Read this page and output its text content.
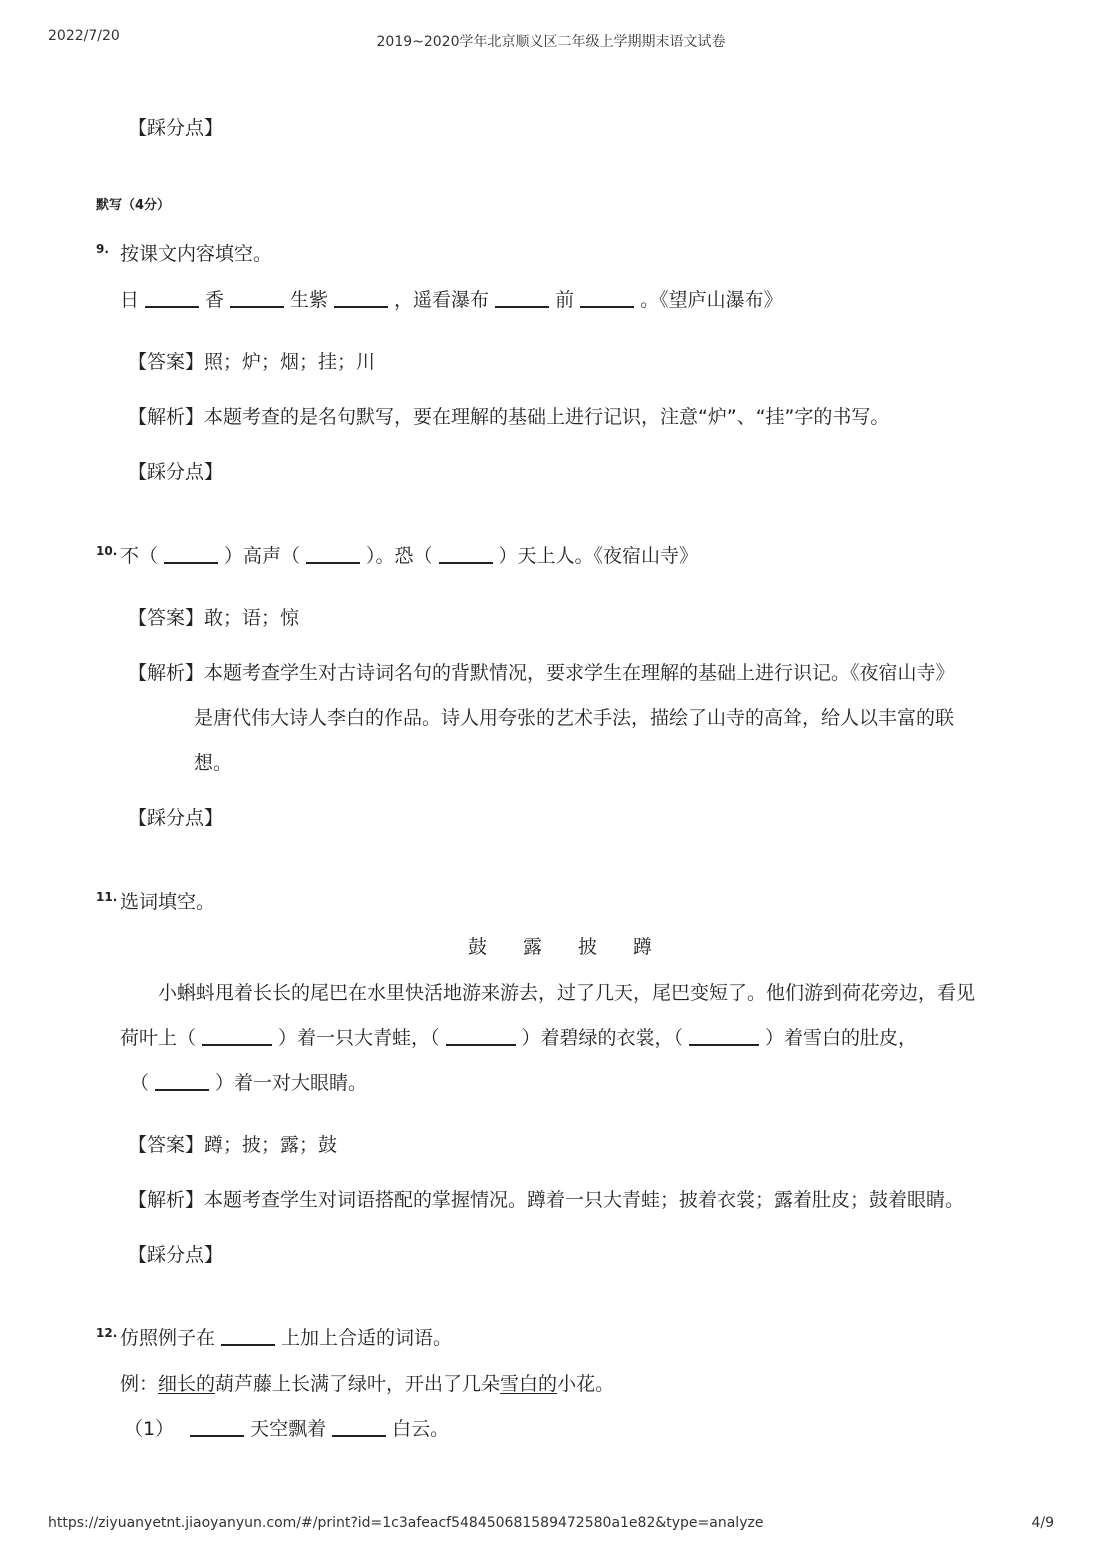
2022/7/20	2019~2020学年北京顺义区二年级上学期期末语文试卷
【踩分点】
默写（4分）
9. 按课文内容填空。
日	香	生紫	，遥看瀑布	前	。《望庐山瀑布》
【答案】照；炉；烟；挂；川
【解析】本题考查的是名句默写，要在理解的基础上进行记识，注意“炉”、“挂”字的书写。
【踩分点】
10. 不（	）高声（	）。恐（	）天上人。《夜宿山寺》
【答案】敢；语；惊
【解析】本题考查学生对古诗词名句的背默情况，要求学生在理解的基础上进行识记。《夜宿山寺》
是唐代伟大诗人李白的作品。诗人用夸张的艺术手法，描绘了山寺的高耸，给人以丰富的联
想。
【踩分点】
11. 选词填空。
鼓 露 披 蹲
小蝌蚪甩着长长的尾巴在水里快活地游来游去，过了几天，尾巴变短了。他们游到荷花旁边，看见
荷叶上（	）着一只大青蛙，（	）着碧绿的衣裳，（	）着雪白的肚皮，
（	）着一对大眼睛。
【答案】蹲；披；露；鼓
【解析】本题考查学生对词语搭配的掌握情况。蹲着一只大青蛙；披着衣裳；露着肚皮；鼓着眼睛。
【踩分点】
12. 仿照例子在	上加上合适的词语。
例：细长的葫芦藤上长满了绿叶，开出了几朵雪白的小花。
（1）	天空飘着	白云。
https://ziyuanyetnt.jiaoyanyun.com/#/print?id=1c3afeacf548450681589472580a1e82&type=analyze	4/9
